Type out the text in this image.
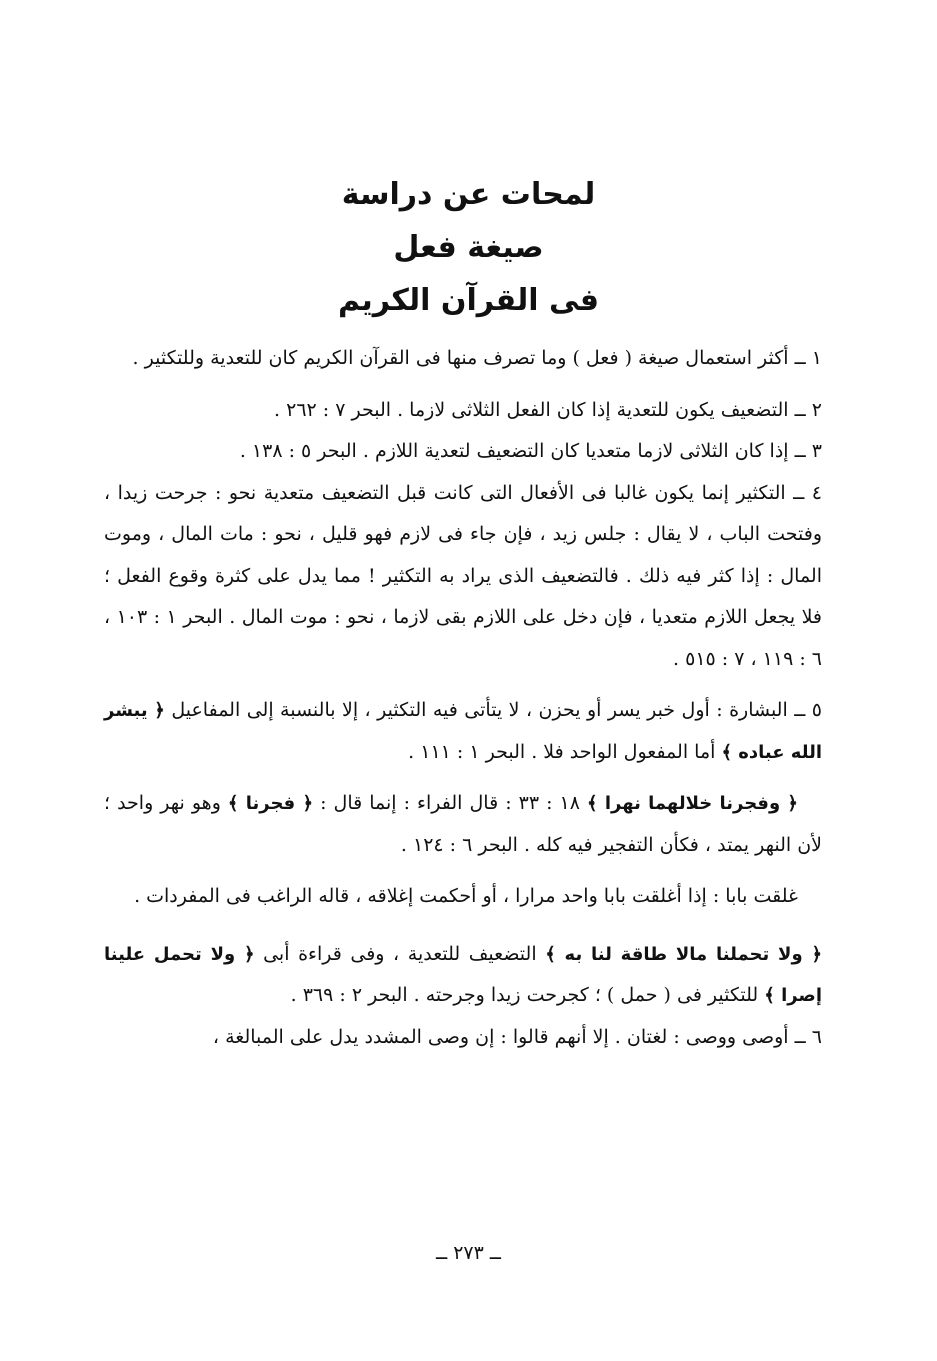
لمحات عن دراسة
صيغة فعل
فى القرآن الكريم

١ ــ أكثر استعمال صيغة ( فعل ) وما تصرف منها فى القرآن الكريم كان للتعدية وللتكثير .

٢ ــ التضعيف يكون للتعدية إذا كان الفعل الثلاثى لازما . البحر ٧ : ٢٦٢ .

٣ ــ إذا كان الثلاثى لازما متعديا كان التضعيف لتعدية اللازم . البحر ٥ : ١٣٨ .

٤ ــ التكثير إنما يكون غالبا فى الأفعال التى كانت قبل التضعيف متعدية نحو : جرحت زيدا ، وفتحت الباب ، لا يقال : جلس زيد ، فإن جاء فى لازم فهو قليل ، نحو : مات المال ، وموت المال : إذا كثر فيه ذلك . فالتضعيف الذى يراد به التكثير ! مما يدل على كثرة وقوع الفعل ؛ فلا يجعل اللازم متعديا ، فإن دخل على اللازم بقى لازما ، نحو : موت المال . البحر ١ : ١٠٣ ، ٦ : ١١٩ ، ٧ : ٥١٥ .

٥ ــ البشارة : أول خبر يسر أو يحزن ، لا يتأتى فيه التكثير ، إلا بالنسبة إلى المفاعيل ﴿ يبشر الله عباده ﴾ أما المفعول الواحد فلا . البحر ١ : ١١١ .

﴿ وفجرنا خلالهما نهرا ﴾ ١٨ : ٣٣ : قال الفراء : إنما قال : ﴿ فجرنا ﴾ وهو نهر واحد ؛ لأن النهر يمتد ، فكأن التفجير فيه كله . البحر ٦ : ١٢٤ .

غلقت بابا : إذا أغلقت بابا واحد مرارا ، أو أحكمت إغلاقه ، قاله الراغب فى المفردات .

﴿ ولا تحملنا مالا طاقة لنا به ﴾ التضعيف للتعدية ، وفى قراءة أبى ﴿ ولا تحمل علينا إصرا ﴾ للتكثير فى ( حمل ) ؛ كجرحت زيدا وجرحته . البحر ٢ : ٣٦٩ .

٦ ــ أوصى ووصى : لغتان . إلا أنهم قالوا : إن وصى المشدد يدل على المبالغة ،

ــ ٢٧٣ ــ
